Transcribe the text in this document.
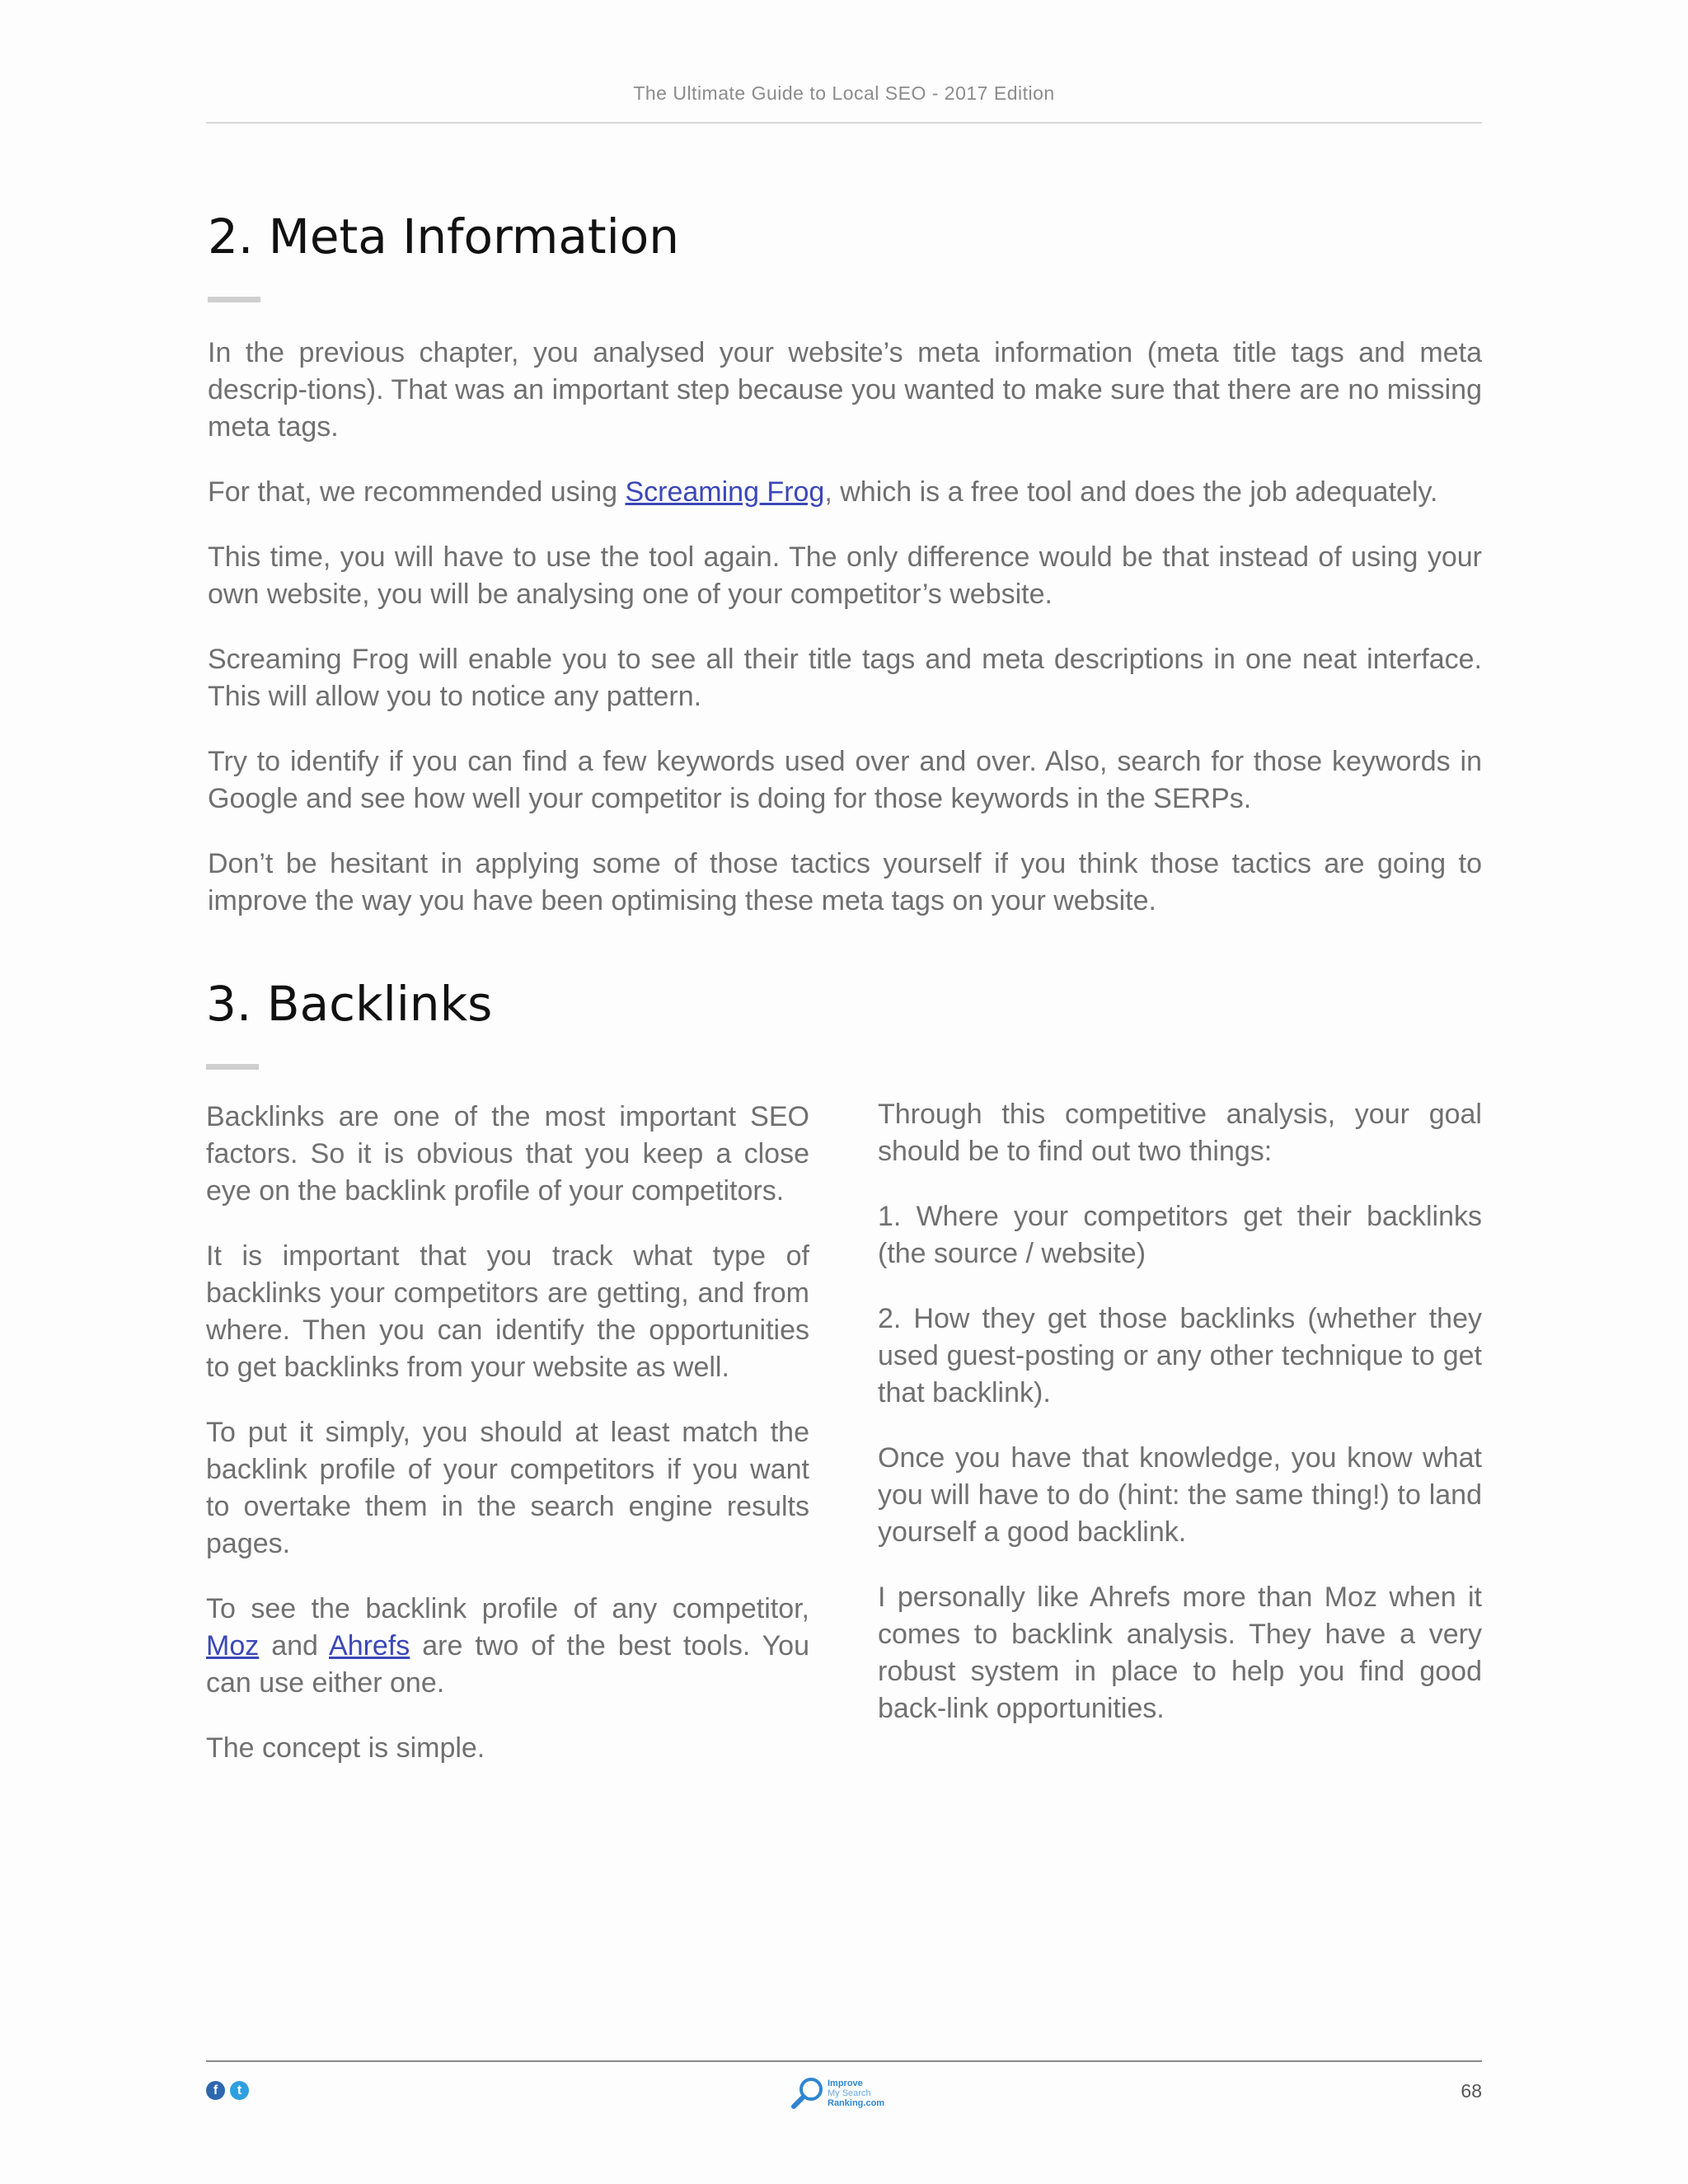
The Ultimate Guide to Local SEO - 2017 Edition
2. Meta Information

In the previous chapter, you analysed your website’s meta information (meta title tags and meta descrip-tions). That was an important step because you wanted to make sure that there are no missing meta tags.

For that, we recommended using Screaming Frog, which is a free tool and does the job adequately.

This time, you will have to use the tool again. The only difference would be that instead of using your own website, you will be analysing one of your competitor’s website.

Screaming Frog will enable you to see all their title tags and meta descriptions in one neat interface. This will allow you to notice any pattern.

Try to identify if you can find a few keywords used over and over. Also, search for those keywords in Google and see how well your competitor is doing for those keywords in the SERPs.

Don’t be hesitant in applying some of those tactics yourself if you think those tactics are going to improve the way you have been optimising these meta tags on your website.

3. Backlinks

Backlinks are one of the most important SEO factors. So it is obvious that you keep a close eye on the backlink profile of your competitors.

It is important that you track what type of backlinks your competitors are getting, and from where. Then you can identify the opportunities to get backlinks from your website as well.

To put it simply, you should at least match the backlink profile of your competitors if you want to overtake them in the search engine results pages.

To see the backlink profile of any competitor, Moz and Ahrefs are two of the best tools. You can use either one.

The concept is simple.

Through this competitive analysis, your goal should be to find out two things:

1. Where your competitors get their backlinks (the source / website)

2. How they get those backlinks (whether they used guest-posting or any other technique to get that backlink).

Once you have that knowledge, you know what you will have to do (hint: the same thing!) to land yourself a good backlink.

I personally like Ahrefs more than Moz when it comes to backlink analysis. They have a very robust system in place to help you find good back-link opportunities.

f	t	Improve
My Search
Ranking.com
68
